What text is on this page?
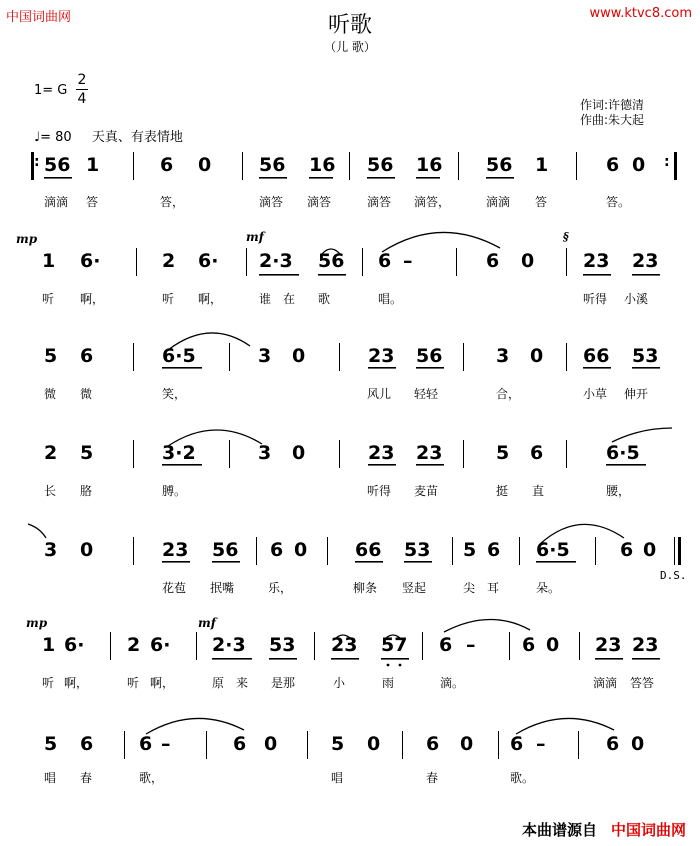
中国词曲网	www.ktvc8.com
听歌
（儿 歌）
1= G
2
4
♩= 80 天真、有表情地
作词:许德清
作曲:朱大起
: 56 1	6 0	56 16 56 16 56 1	6 0 :
滴滴 答	答，	滴答 滴答	滴答 滴答，	滴滴 答	答。
mp	mf	§
1 6·	2 6· 2·3 56 6 –	6 0	23 23
听 啊，	听 啊，	谁 在 歌	唱。	听得 小溪
5 6	6·5	3 0	23 56	3 0 66 53
微 微	笑，	风儿 轻轻	合，	小草 伸开
2 5	3·2	3 0	23 23	5 6	6·5
长 胳	膊。	听得 麦苗	挺 直	腰，
3 0	23 56 6 0	66 53 5 6 6·5	6 0
D.S.
花苞 抿嘴	乐，	柳条 竖起	尖 耳	朵。
mp	mf
1 6· 2 6· 2·3 53 23 57 6 – 6 0 23 23
听 啊，	听 啊，	原 来 是那	小	雨	滴。	滴滴 答答
5 6 6 –	6 0	5 0 6 0 6 –	6 0
唱 春	歌，	唱	春	歌。
本曲谱源自 中国词曲网
